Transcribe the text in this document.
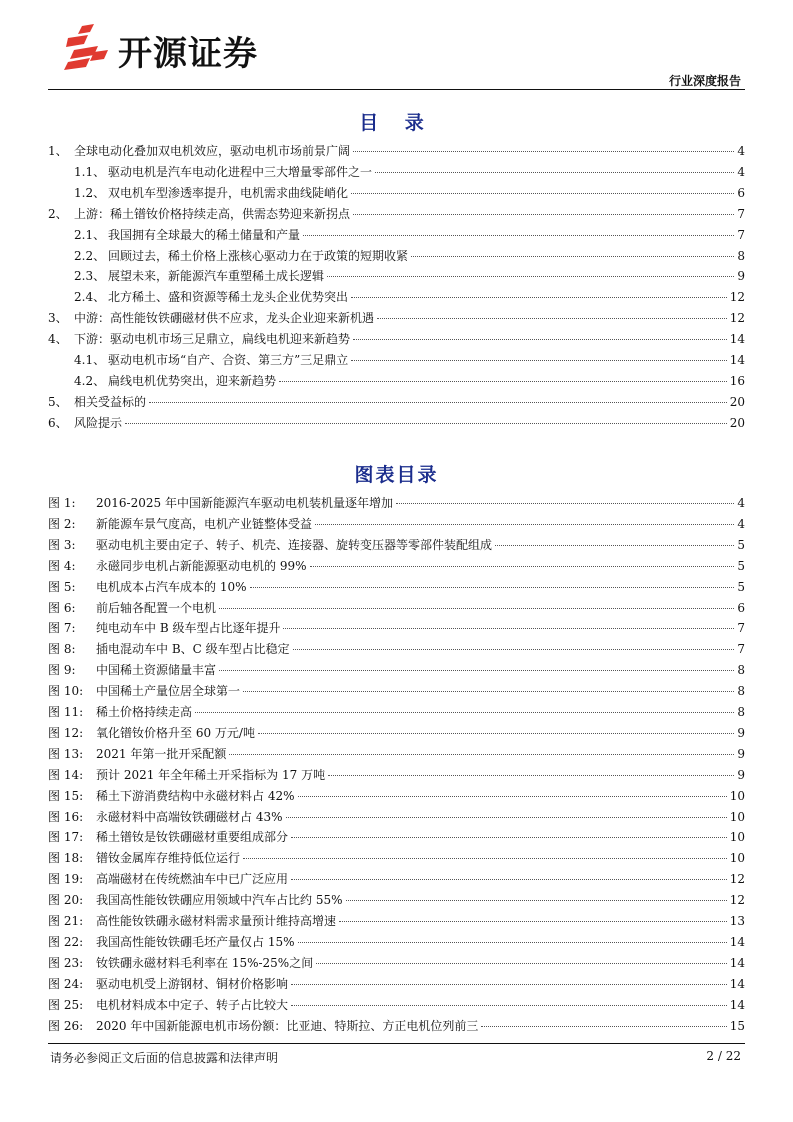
开源证券
行业深度报告
目 录
1、 全球电动化叠加双电机效应，驱动电机市场前景广阔	4
1.1、 驱动电机是汽车电动化进程中三大增量零部件之一	4
1.2、 双电机车型渗透率提升，电机需求曲线陡峭化	6
2、 上游：稀土镨钕价格持续走高，供需态势迎来新拐点	7
2.1、 我国拥有全球最大的稀土储量和产量	7
2.2、 回顾过去，稀土价格上涨核心驱动力在于政策的短期收紧	8
2.3、 展望未来，新能源汽车重塑稀土成长逻辑	9
2.4、 北方稀土、盛和资源等稀土龙头企业优势突出	12
3、 中游：高性能钕铁硼磁材供不应求，龙头企业迎来新机遇	12
4、 下游：驱动电机市场三足鼎立，扁线电机迎来新趋势	14
4.1、 驱动电机市场“自产、合资、第三方”三足鼎立	14
4.2、 扁线电机优势突出，迎来新趋势	16
5、 相关受益标的	20
6、 风险提示	20
图表目录
图 1:	2016-2025 年中国新能源汽车驱动电机装机量逐年增加	4
图 2:	新能源车景气度高，电机产业链整体受益	4
图 3:	驱动电机主要由定子、转子、机壳、连接器、旋转变压器等零部件装配组成	5
图 4:	永磁同步电机占新能源驱动电机的 99%	5
图 5:	电机成本占汽车成本的 10%	5
图 6:	前后轴各配置一个电机	6
图 7:	纯电动车中 B 级车型占比逐年提升	7
图 8:	插电混动车中 B、C 级车型占比稳定	7
图 9:	中国稀土资源储量丰富	8
图 10:	中国稀土产量位居全球第一	8
图 11:	稀土价格持续走高	8
图 12:	氧化镨钕价格升至 60 万元/吨	9
图 13:	2021 年第一批开采配额	9
图 14:	预计 2021 年全年稀土开采指标为 17 万吨	9
图 15:	稀土下游消费结构中永磁材料占 42%	10
图 16:	永磁材料中高端钕铁硼磁材占 43%	10
图 17:	稀土镨钕是钕铁硼磁材重要组成部分	10
图 18:	镨钕金属库存维持低位运行	10
图 19:	高端磁材在传统燃油车中已广泛应用	12
图 20:	我国高性能钕铁硼应用领域中汽车占比约 55%	12
图 21:	高性能钕铁硼永磁材料需求量预计维持高增速	13
图 22:	我国高性能钕铁硼毛坯产量仅占 15%	14
图 23:	钕铁硼永磁材料毛利率在 15%-25%之间	14
图 24:	驱动电机受上游钢材、铜材价格影响	14
图 25:	电机材料成本中定子、转子占比较大	14
图 26:	2020 年中国新能源电机市场份额：比亚迪、特斯拉、方正电机位列前三	15
请务必参阅正文后面的信息披露和法律声明	2 / 22
